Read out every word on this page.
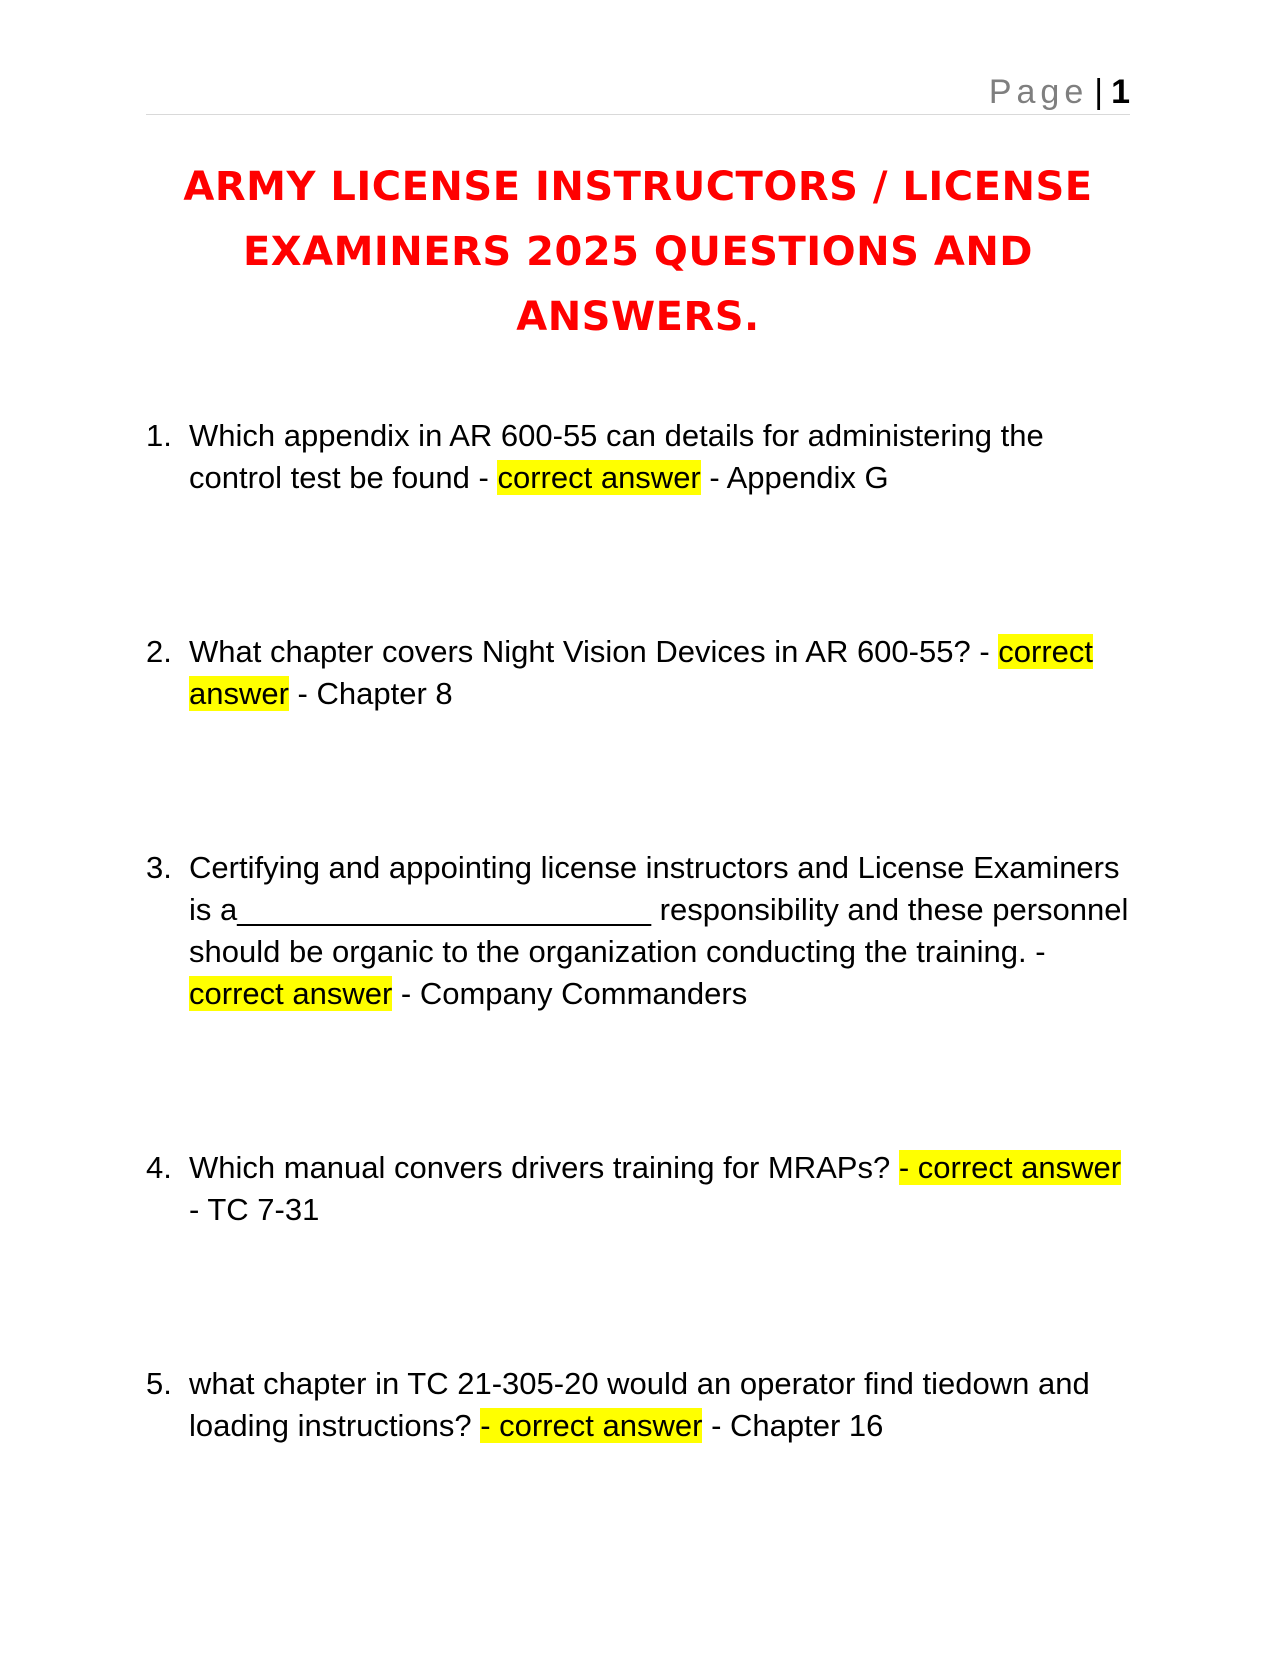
Page | 1
ARMY LICENSE INSTRUCTORS / LICENSE EXAMINERS 2025 QUESTIONS AND ANSWERS.
1. Which appendix in AR 600-55 can details for administering the control test be found - correct answer - Appendix G
2. What chapter covers Night Vision Devices in AR 600-55? - correct answer - Chapter 8
3. Certifying and appointing license instructors and License Examiners is a________________________ responsibility and these personnel should be organic to the organization conducting the training. - correct answer - Company Commanders
4. Which manual convers drivers training for MRAPs? - correct answer - TC 7-31
5. what chapter in TC 21-305-20 would an operator find tiedown and loading instructions? - correct answer - Chapter 16
